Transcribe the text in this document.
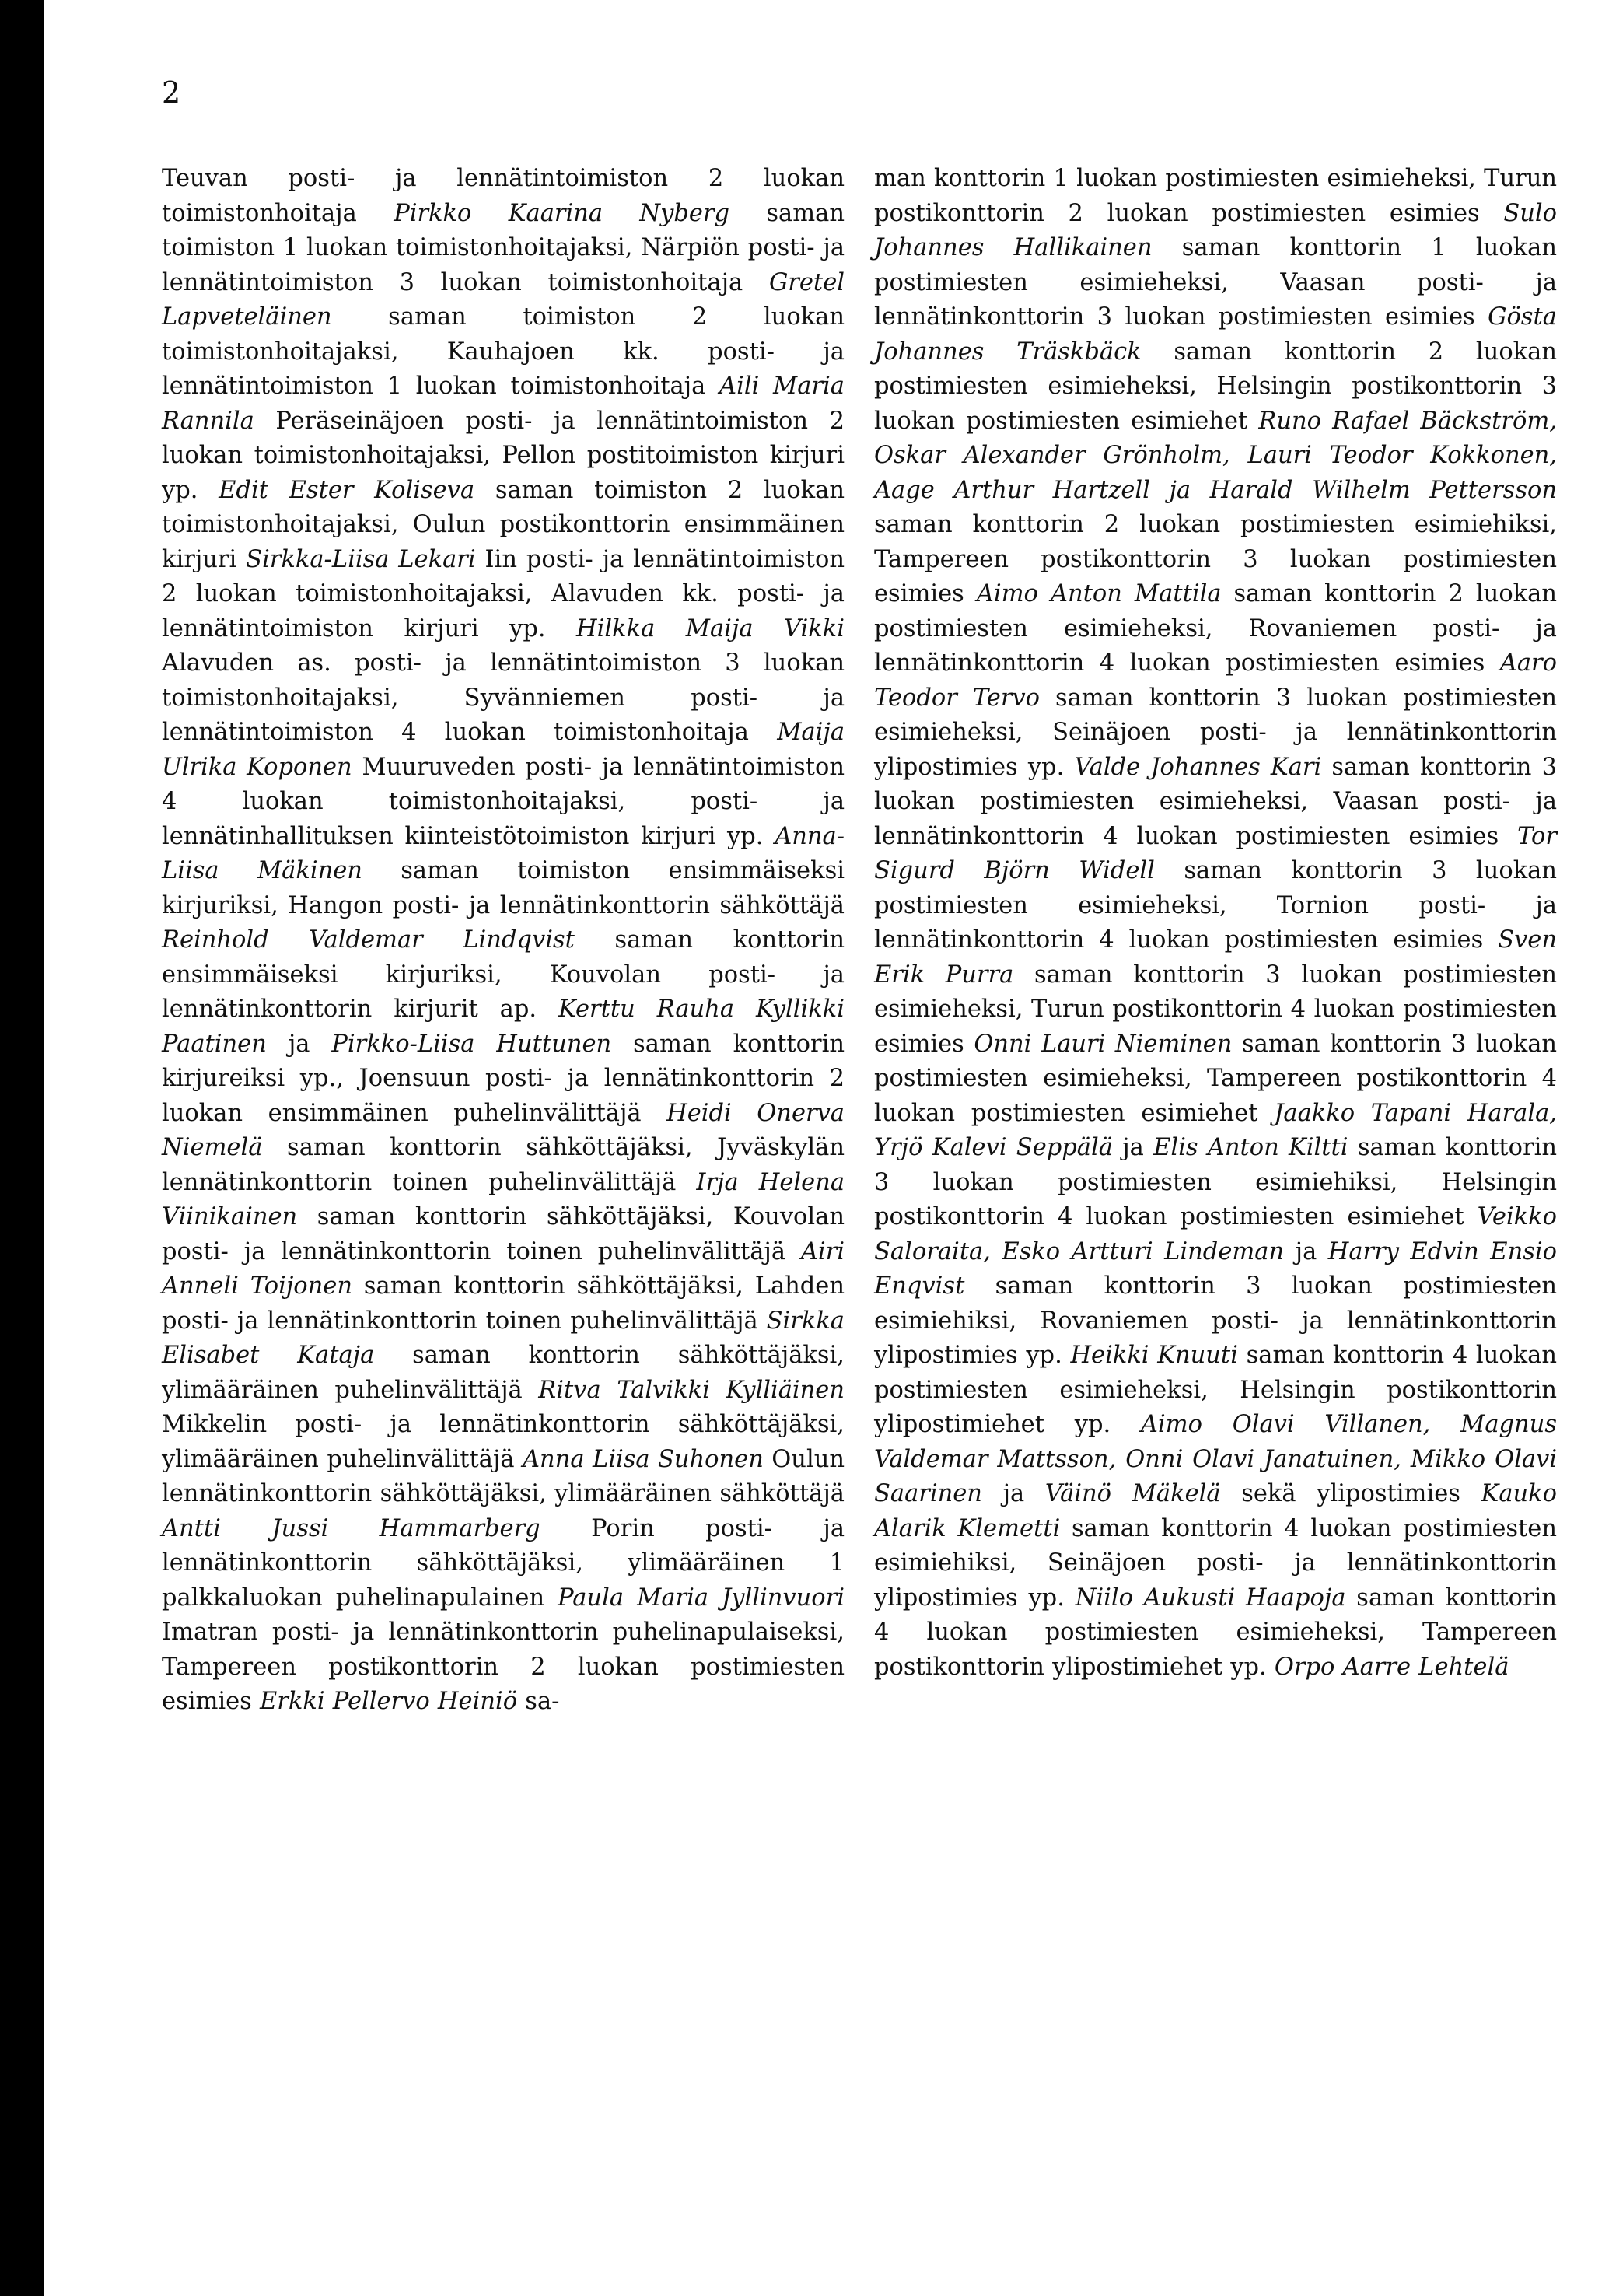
2

Teuvan posti- ja lennätintoimiston 2 luokan toimistonhoitaja Pirkko Kaarina Nyberg saman toimiston 1 luokan toimistonhoitajaksi, Närpiön posti- ja lennätintoimiston 3 luokan toimistonhoitaja Gretel Lapveteläinen saman toimiston 2 luokan toimistonhoitajaksi, Kauhajoen kk. posti- ja lennätintoimiston 1 luokan toimistonhoitaja Aili Maria Rannila Peräseinäjoen posti- ja lennätintoimiston 2 luokan toimistonhoitajaksi, Pellon postitoimiston kirjuri yp. Edit Ester Koliseva saman toimiston 2 luokan toimistonhoitajaksi, Oulun postikonttorin ensimmäinen kirjuri Sirkka-Liisa Lekari Iin posti- ja lennätintoimiston 2 luokan toimistonhoitajaksi, Alavuden kk. posti- ja lennätintoimiston kirjuri yp. Hilkka Maija Vikki Alavuden as. posti- ja lennätintoimiston 3 luokan toimistonhoitajaksi, Syvänniemen posti- ja lennätintoimiston 4 luokan toimistonhoitaja Maija Ulrika Koponen Muuruveden posti- ja lennätintoimiston 4 luokan toimistonhoitajaksi, posti- ja lennätinhallituksen kiinteistötoimiston kirjuri yp. Anna-Liisa Mäkinen saman toimiston ensimmäiseksi kirjuriksi, Hangon posti- ja lennätinkonttorin sähköttäjä Reinhold Valdemar Lindqvist saman konttorin ensimmäiseksi kirjuriksi, Kouvolan posti- ja lennätinkonttorin kirjurit ap. Kerttu Rauha Kyllikki Paatinen ja Pirkko-Liisa Huttunen saman konttorin kirjureiksi yp., Joensuun posti- ja lennätinkonttorin 2 luokan ensimmäinen puhelinvälittäjä Heidi Onerva Niemelä saman konttorin sähköttäjäksi, Jyväskylän lennätinkonttorin toinen puhelinvälittäjä Irja Helena Viinikainen saman konttorin sähköttäjäksi, Kouvolan posti- ja lennätinkonttorin toinen puhelinvälittäjä Airi Anneli Toijonen saman konttorin sähköttäjäksi, Lahden posti- ja lennätinkonttorin toinen puhelinvälittäjä Sirkka Elisabet Kataja saman konttorin sähköttäjäksi, ylimääräinen puhelinvälittäjä Ritva Talvikki Kylliäinen Mikkelin posti- ja lennätinkonttorin sähköttäjäksi, ylimääräinen puhelinvälittäjä Anna Liisa Suhonen Oulun lennätinkonttorin sähköttäjäksi, ylimääräinen sähköttäjä Antti Jussi Hammarberg Porin posti- ja lennätinkonttorin sähköttäjäksi, ylimääräinen 1 palkkaluokan puhelinapulainen Paula Maria Jyllinvuori Imatran posti- ja lennätinkonttorin puhelinapulaiseksi, Tampereen postikonttorin 2 luokan postimiesten esimies Erkki Pellervo Heiniö sa-

man konttorin 1 luokan postimiesten esimieheksi, Turun postikonttorin 2 luokan postimiesten esimies Sulo Johannes Hallikainen saman konttorin 1 luokan postimiesten esimieheksi, Vaasan posti- ja lennätinkonttorin 3 luokan postimiesten esimies Gösta Johannes Träskbäck saman konttorin 2 luokan postimiesten esimieheksi, Helsingin postikonttorin 3 luokan postimiesten esimiehet Runo Rafael Bäckström, Oskar Alexander Grönholm, Lauri Teodor Kokkonen, Aage Arthur Hartzell ja Harald Wilhelm Pettersson saman konttorin 2 luokan postimiesten esimiehiksi, Tampereen postikonttorin 3 luokan postimiesten esimies Aimo Anton Mattila saman konttorin 2 luokan postimiesten esimieheksi, Rovaniemen posti- ja lennätinkonttorin 4 luokan postimiesten esimies Aaro Teodor Tervo saman konttorin 3 luokan postimiesten esimieheksi, Seinäjoen posti- ja lennätinkonttorin ylipostimies yp. Valde Johannes Kari saman konttorin 3 luokan postimiesten esimieheksi, Vaasan posti- ja lennätinkonttorin 4 luokan postimiesten esimies Tor Sigurd Björn Widell saman konttorin 3 luokan postimiesten esimieheksi, Tornion posti- ja lennätinkonttorin 4 luokan postimiesten esimies Sven Erik Purra saman konttorin 3 luokan postimiesten esimieheksi, Turun postikonttorin 4 luokan postimiesten esimies Onni Lauri Nieminen saman konttorin 3 luokan postimiesten esimieheksi, Tampereen postikonttorin 4 luokan postimiesten esimiehet Jaakko Tapani Harala, Yrjö Kalevi Seppälä ja Elis Anton Kiltti saman konttorin 3 luokan postimiesten esimiehiksi, Helsingin postikonttorin 4 luokan postimiesten esimiehet Veikko Saloraita, Esko Artturi Lindeman ja Harry Edvin Ensio Enqvist saman konttorin 3 luokan postimiesten esimiehiksi, Rovaniemen posti- ja lennätinkonttorin ylipostimies yp. Heikki Knuuti saman konttorin 4 luokan postimiesten esimieheksi, Helsingin postikonttorin ylipostimiehet yp. Aimo Olavi Villanen, Magnus Valdemar Mattsson, Onni Olavi Janatuinen, Mikko Olavi Saarinen ja Väinö Mäkelä sekä ylipostimies Kauko Alarik Klemetti saman konttorin 4 luokan postimiesten esimiehiksi, Seinäjoen posti- ja lennätinkonttorin ylipostimies yp. Niilo Aukusti Haapoja saman konttorin 4 luokan postimiesten esimieheksi, Tampereen postikonttorin ylipostimiehet yp. Orpo Aarre Lehtelä
